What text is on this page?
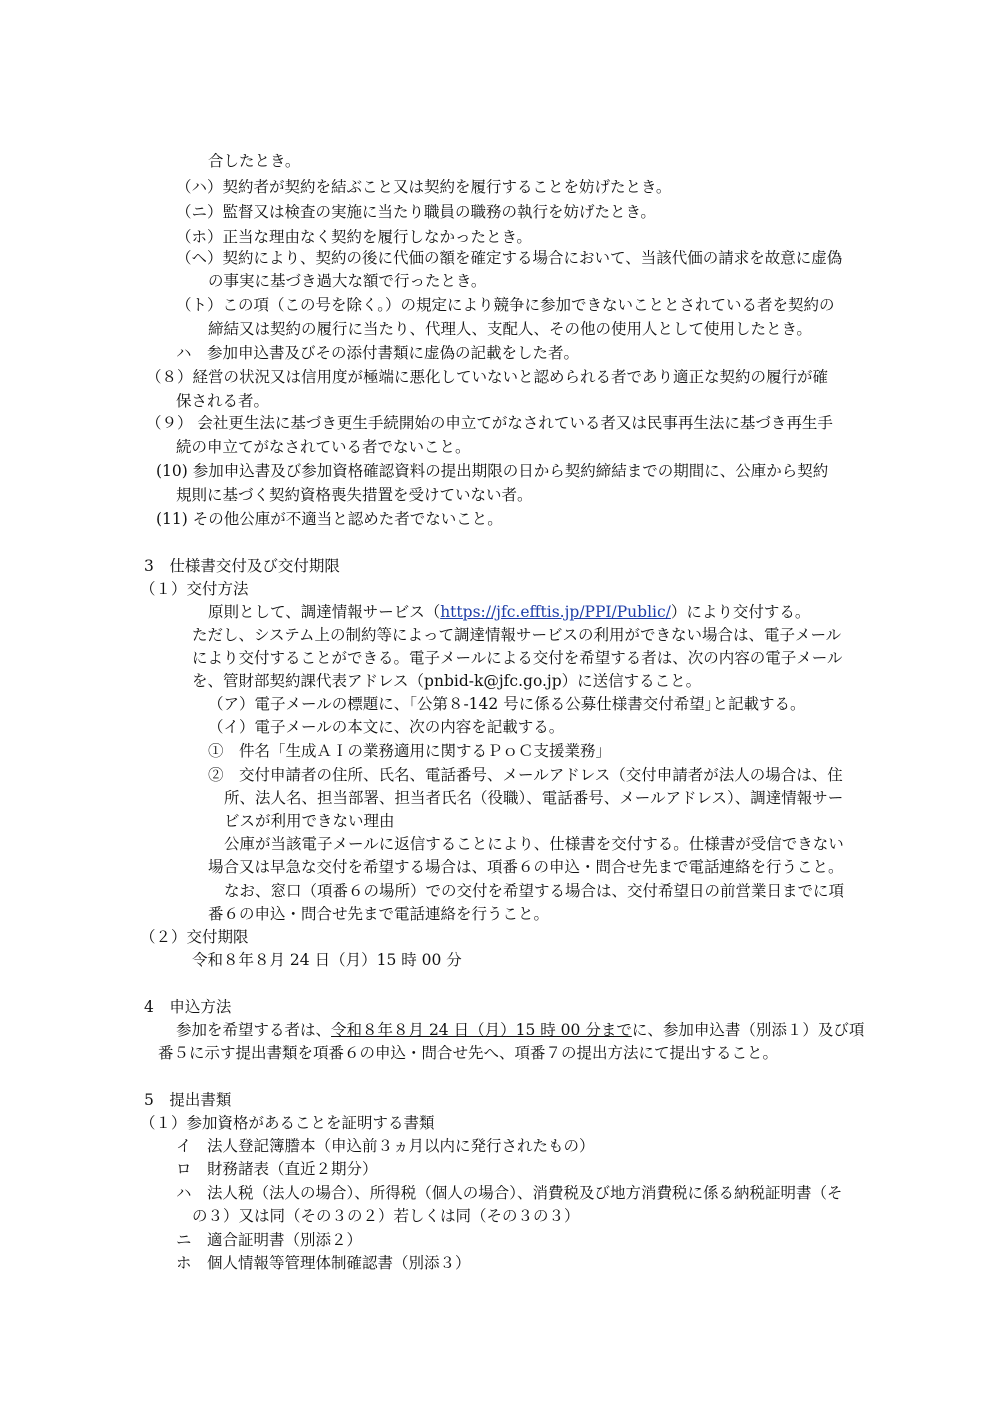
合したとき。
（ハ）契約者が契約を結ぶこと又は契約を履行することを妨げたとき。
（ニ）監督又は検査の実施に当たり職員の職務の執行を妨げたとき。
（ホ）正当な理由なく契約を履行しなかったとき。
（ヘ）契約により、契約の後に代価の額を確定する場合において、当該代価の請求を故意に虚偽
の事実に基づき過大な額で行ったとき。
（ト）この項（この号を除く。）の規定により競争に参加できないこととされている者を契約の
締結又は契約の履行に当たり、代理人、支配人、その他の使用人として使用したとき。
ハ　参加申込書及びその添付書類に虚偽の記載をした者。
（８）経営の状況又は信用度が極端に悪化していないと認められる者であり適正な契約の履行が確
保される者。
（９） 会社更生法に基づき更生手続開始の申立てがなされている者又は民事再生法に基づき再生手
続の申立てがなされている者でないこと。
(10) 参加申込書及び参加資格確認資料の提出期限の日から契約締結までの期間に、公庫から契約
規則に基づく契約資格喪失措置を受けていない者。
(11) その他公庫が不適当と認めた者でないこと。
3　仕様書交付及び交付期限
（１）交付方法
原則として、調達情報サービス（https://jfc.efftis.jp/PPI/Public/）により交付する。
ただし、システム上の制約等によって調達情報サービスの利用ができない場合は、電子メール
により交付することができる。電子メールによる交付を希望する者は、次の内容の電子メール
を、管財部契約課代表アドレス（pnbid-k@jfc.go.jp）に送信すること。
（ア）電子メールの標題に、｢公第８-142 号に係る公募仕様書交付希望｣と記載する。
（イ）電子メールの本文に、次の内容を記載する。
①　件名「生成ＡＩの業務適用に関するＰｏＣ支援業務」
②　交付申請者の住所、氏名、電話番号、メールアドレス（交付申請者が法人の場合は、住
所、法人名、担当部署、担当者氏名（役職）、電話番号、メールアドレス）、調達情報サー
ビスが利用できない理由
公庫が当該電子メールに返信することにより、仕様書を交付する。仕様書が受信できない
場合又は早急な交付を希望する場合は、項番６の申込・問合せ先まで電話連絡を行うこと。
なお、窓口（項番６の場所）での交付を希望する場合は、交付希望日の前営業日までに項
番６の申込・問合せ先まで電話連絡を行うこと。
（２）交付期限
令和８年８月 24 日（月）15 時 00 分
4　申込方法
参加を希望する者は、令和８年８月 24 日（月）15 時 00 分までに、参加申込書（別添１）及び項
番５に示す提出書類を項番６の申込・問合せ先へ、項番７の提出方法にて提出すること。
5　提出書類
（１）参加資格があることを証明する書類
イ　法人登記簿謄本（申込前３ヵ月以内に発行されたもの）
ロ　財務諸表（直近２期分）
ハ　法人税（法人の場合）、所得税（個人の場合）、消費税及び地方消費税に係る納税証明書（そ
の３）又は同（その３の２）若しくは同（その３の３）
ニ　適合証明書（別添２）
ホ　個人情報等管理体制確認書（別添３）
